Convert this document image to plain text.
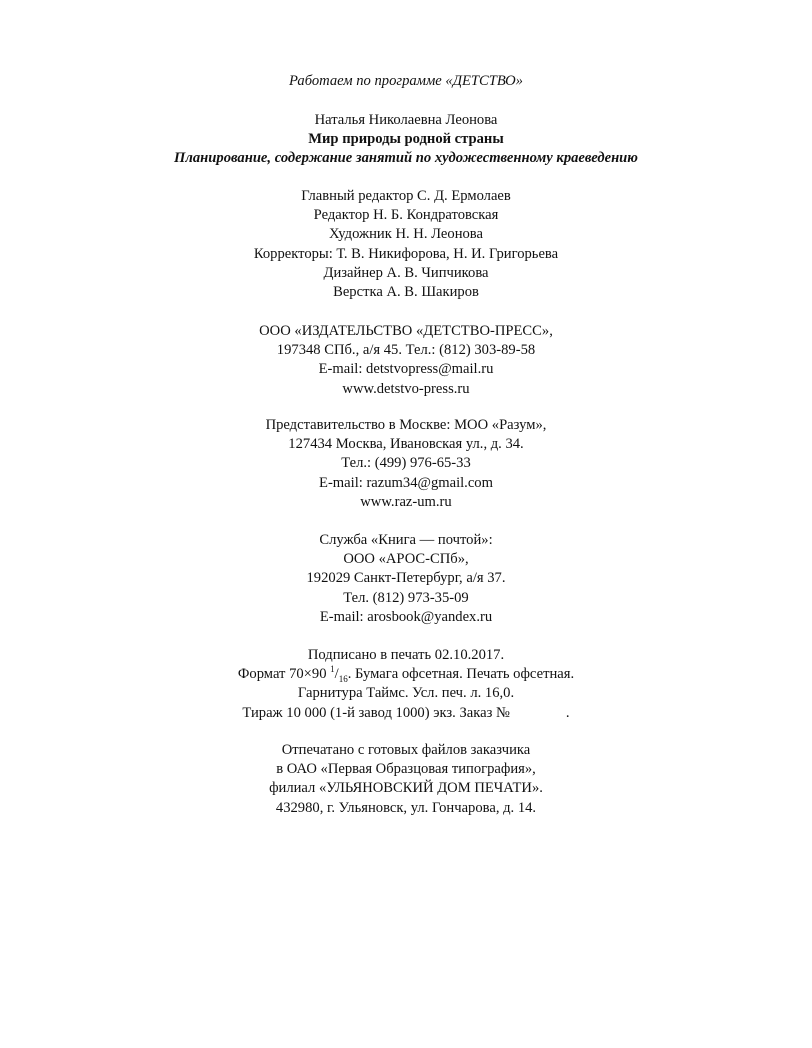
Работаем по программе «ДЕТСТВО»
Наталья Николаевна Леонова
Мир природы родной страны
Планирование, содержание занятий по художественному краеведению
Главный редактор С. Д. Ермолаев
Редактор Н. Б. Кондратовская
Художник Н. Н. Леонова
Корректоры: Т. В. Никифорова, Н. И. Григорьева
Дизайнер А. В. Чипчикова
Верстка А. В. Шакиров
ООО «ИЗДАТЕЛЬСТВО «ДЕТСТВО-ПРЕСС»,
197348 СПб., а/я 45. Тел.: (812) 303-89-58
E-mail: detstvopress@mail.ru
www.detstvo-press.ru
Представительство в Москве: МОО «Разум»,
127434 Москва, Ивановская ул., д. 34.
Тел.: (499) 976-65-33
E-mail: razum34@gmail.com
www.raz-um.ru
Служба «Книга — почтой»:
ООО «АРОС-СПб»,
192029 Санкт-Петербург, а/я 37.
Тел. (812) 973-35-09
E-mail: arosbook@yandex.ru
Подписано в печать 02.10.2017.
Формат 70×90 $^1/_{16}$. Бумага офсетная. Печать офсетная.
Гарнитура Таймс. Усл. печ. л. 16,0.
Тираж 10 000 (1-й завод 1000) экз. Заказ №	.
Отпечатано с готовых файлов заказчика
в ОАО «Первая Образцовая типография»,
филиал «УЛЬЯНОВСКИЙ ДОМ ПЕЧАТИ».
432980, г. Ульяновск, ул. Гончарова, д. 14.
